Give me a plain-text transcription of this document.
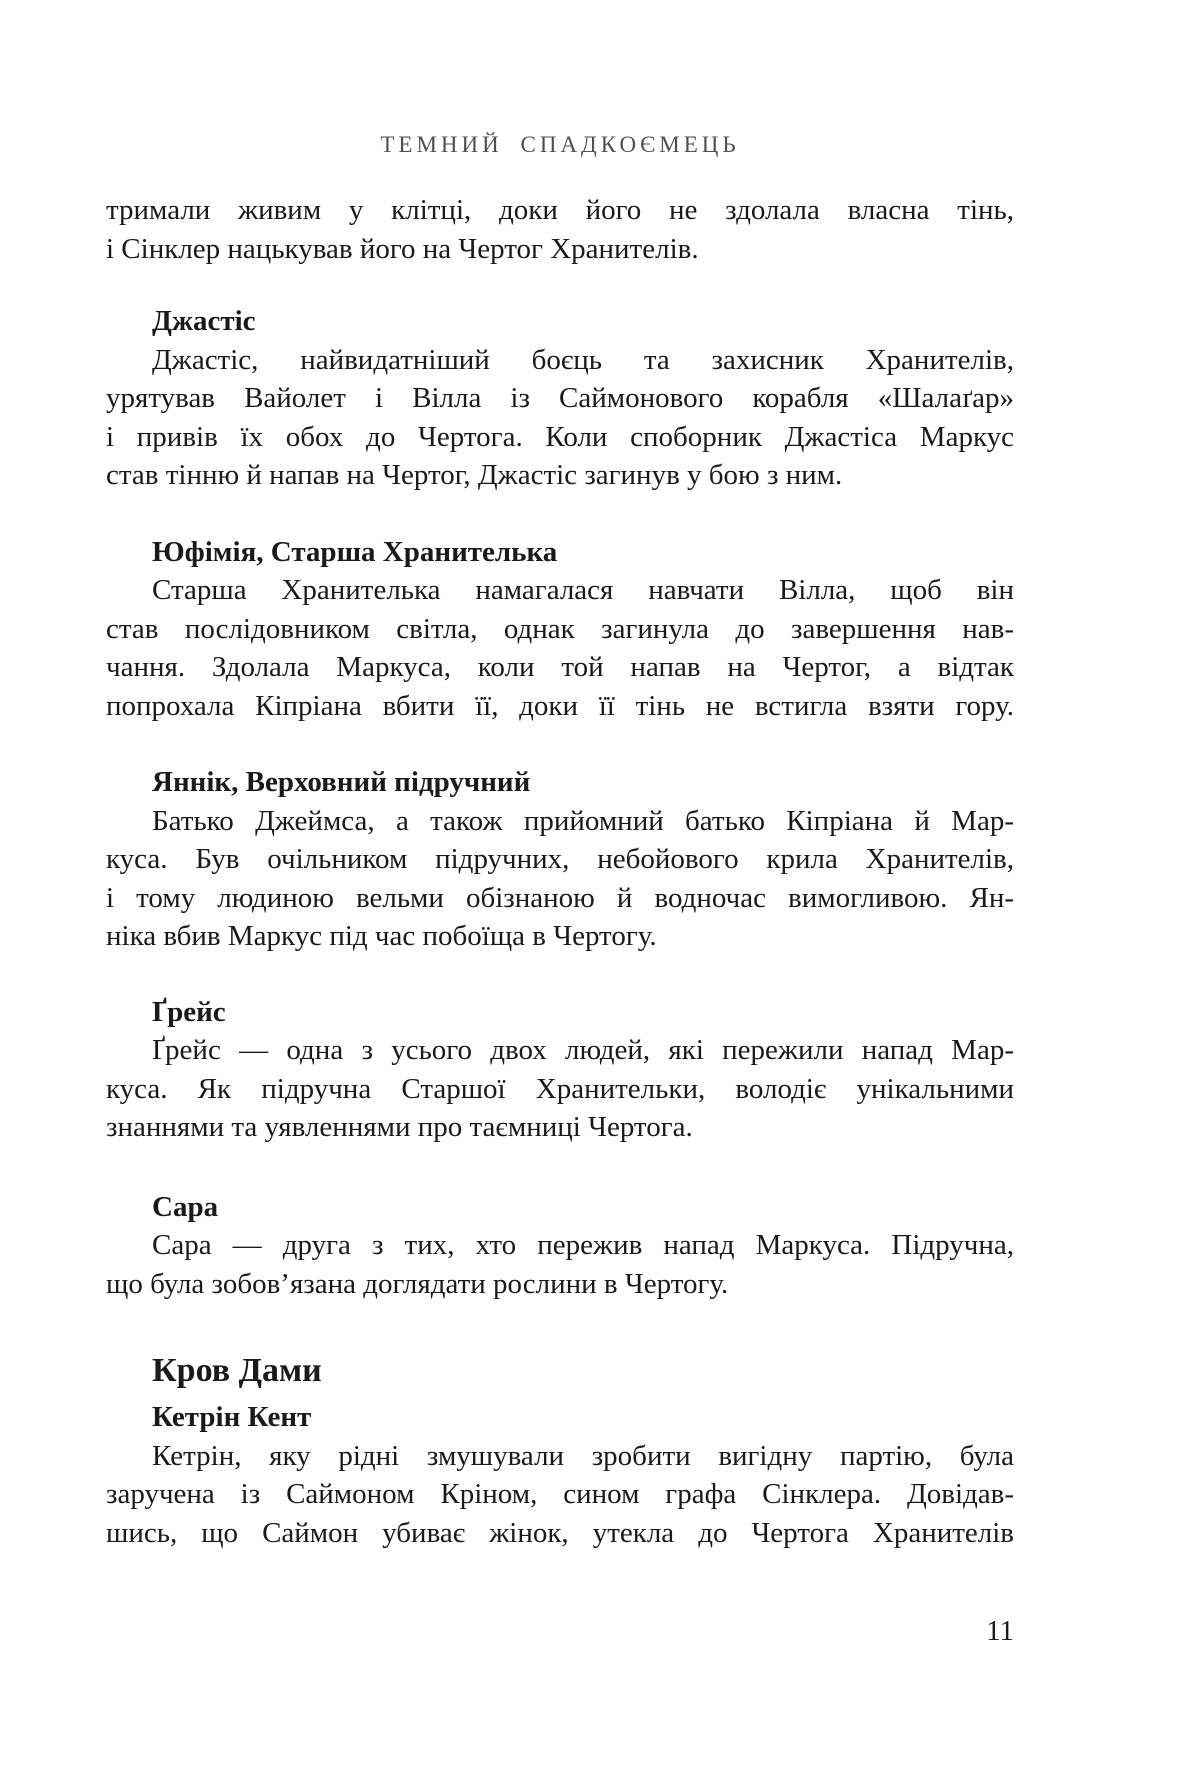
ТЕМНИЙ СПАДКОЄМЕЦЬ
тримали живим у клітці, доки його не здолала власна тінь,
і Сінклер нацькував його на Чертог Хранителів.
Джастіс
Джастіс, найвидатніший боєць та захисник Хранителів,
урятував Вайолет і Вілла із Саймонового корабля «Шалаґар»
і привів їх обох до Чертога. Коли споборник Джастіса Маркус
став тінню й напав на Чертог, Джастіс загинув у бою з ним.
Юфімія, Старша Хранителька
Старша Хранителька намагалася навчати Вілла, щоб він
став послідовником світла, однак загинула до завершення нав-
чання. Здолала Маркуса, коли той напав на Чертог, а відтак
попрохала Кіпріана вбити її, доки її тінь не встигла взяти гору.
Яннік, Верховний підручний
Батько Джеймса, а також прийомний батько Кіпріана й Мар-
куса. Був очільником підручних, небойового крила Хранителів,
і тому людиною вельми обізнаною й водночас вимогливою. Ян-
ніка вбив Маркус під час побоїща в Чертогу.
Ґрейс
Ґрейс — одна з усього двох людей, які пережили напад Мар-
куса. Як підручна Старшої Хранительки, володіє унікальними
знаннями та уявленнями про таємниці Чертога.
Сара
Сара — друга з тих, хто пережив напад Маркуса. Підручна,
що була зобов’язана доглядати рослини в Чертогу.
Кров Дами
Кетрін Кент
Кетрін, яку рідні змушували зробити вигідну партію, була
заручена із Саймоном Кріном, сином графа Сінклера. Довідав-
шись, що Саймон убиває жінок, утекла до Чертога Хранителів
11
